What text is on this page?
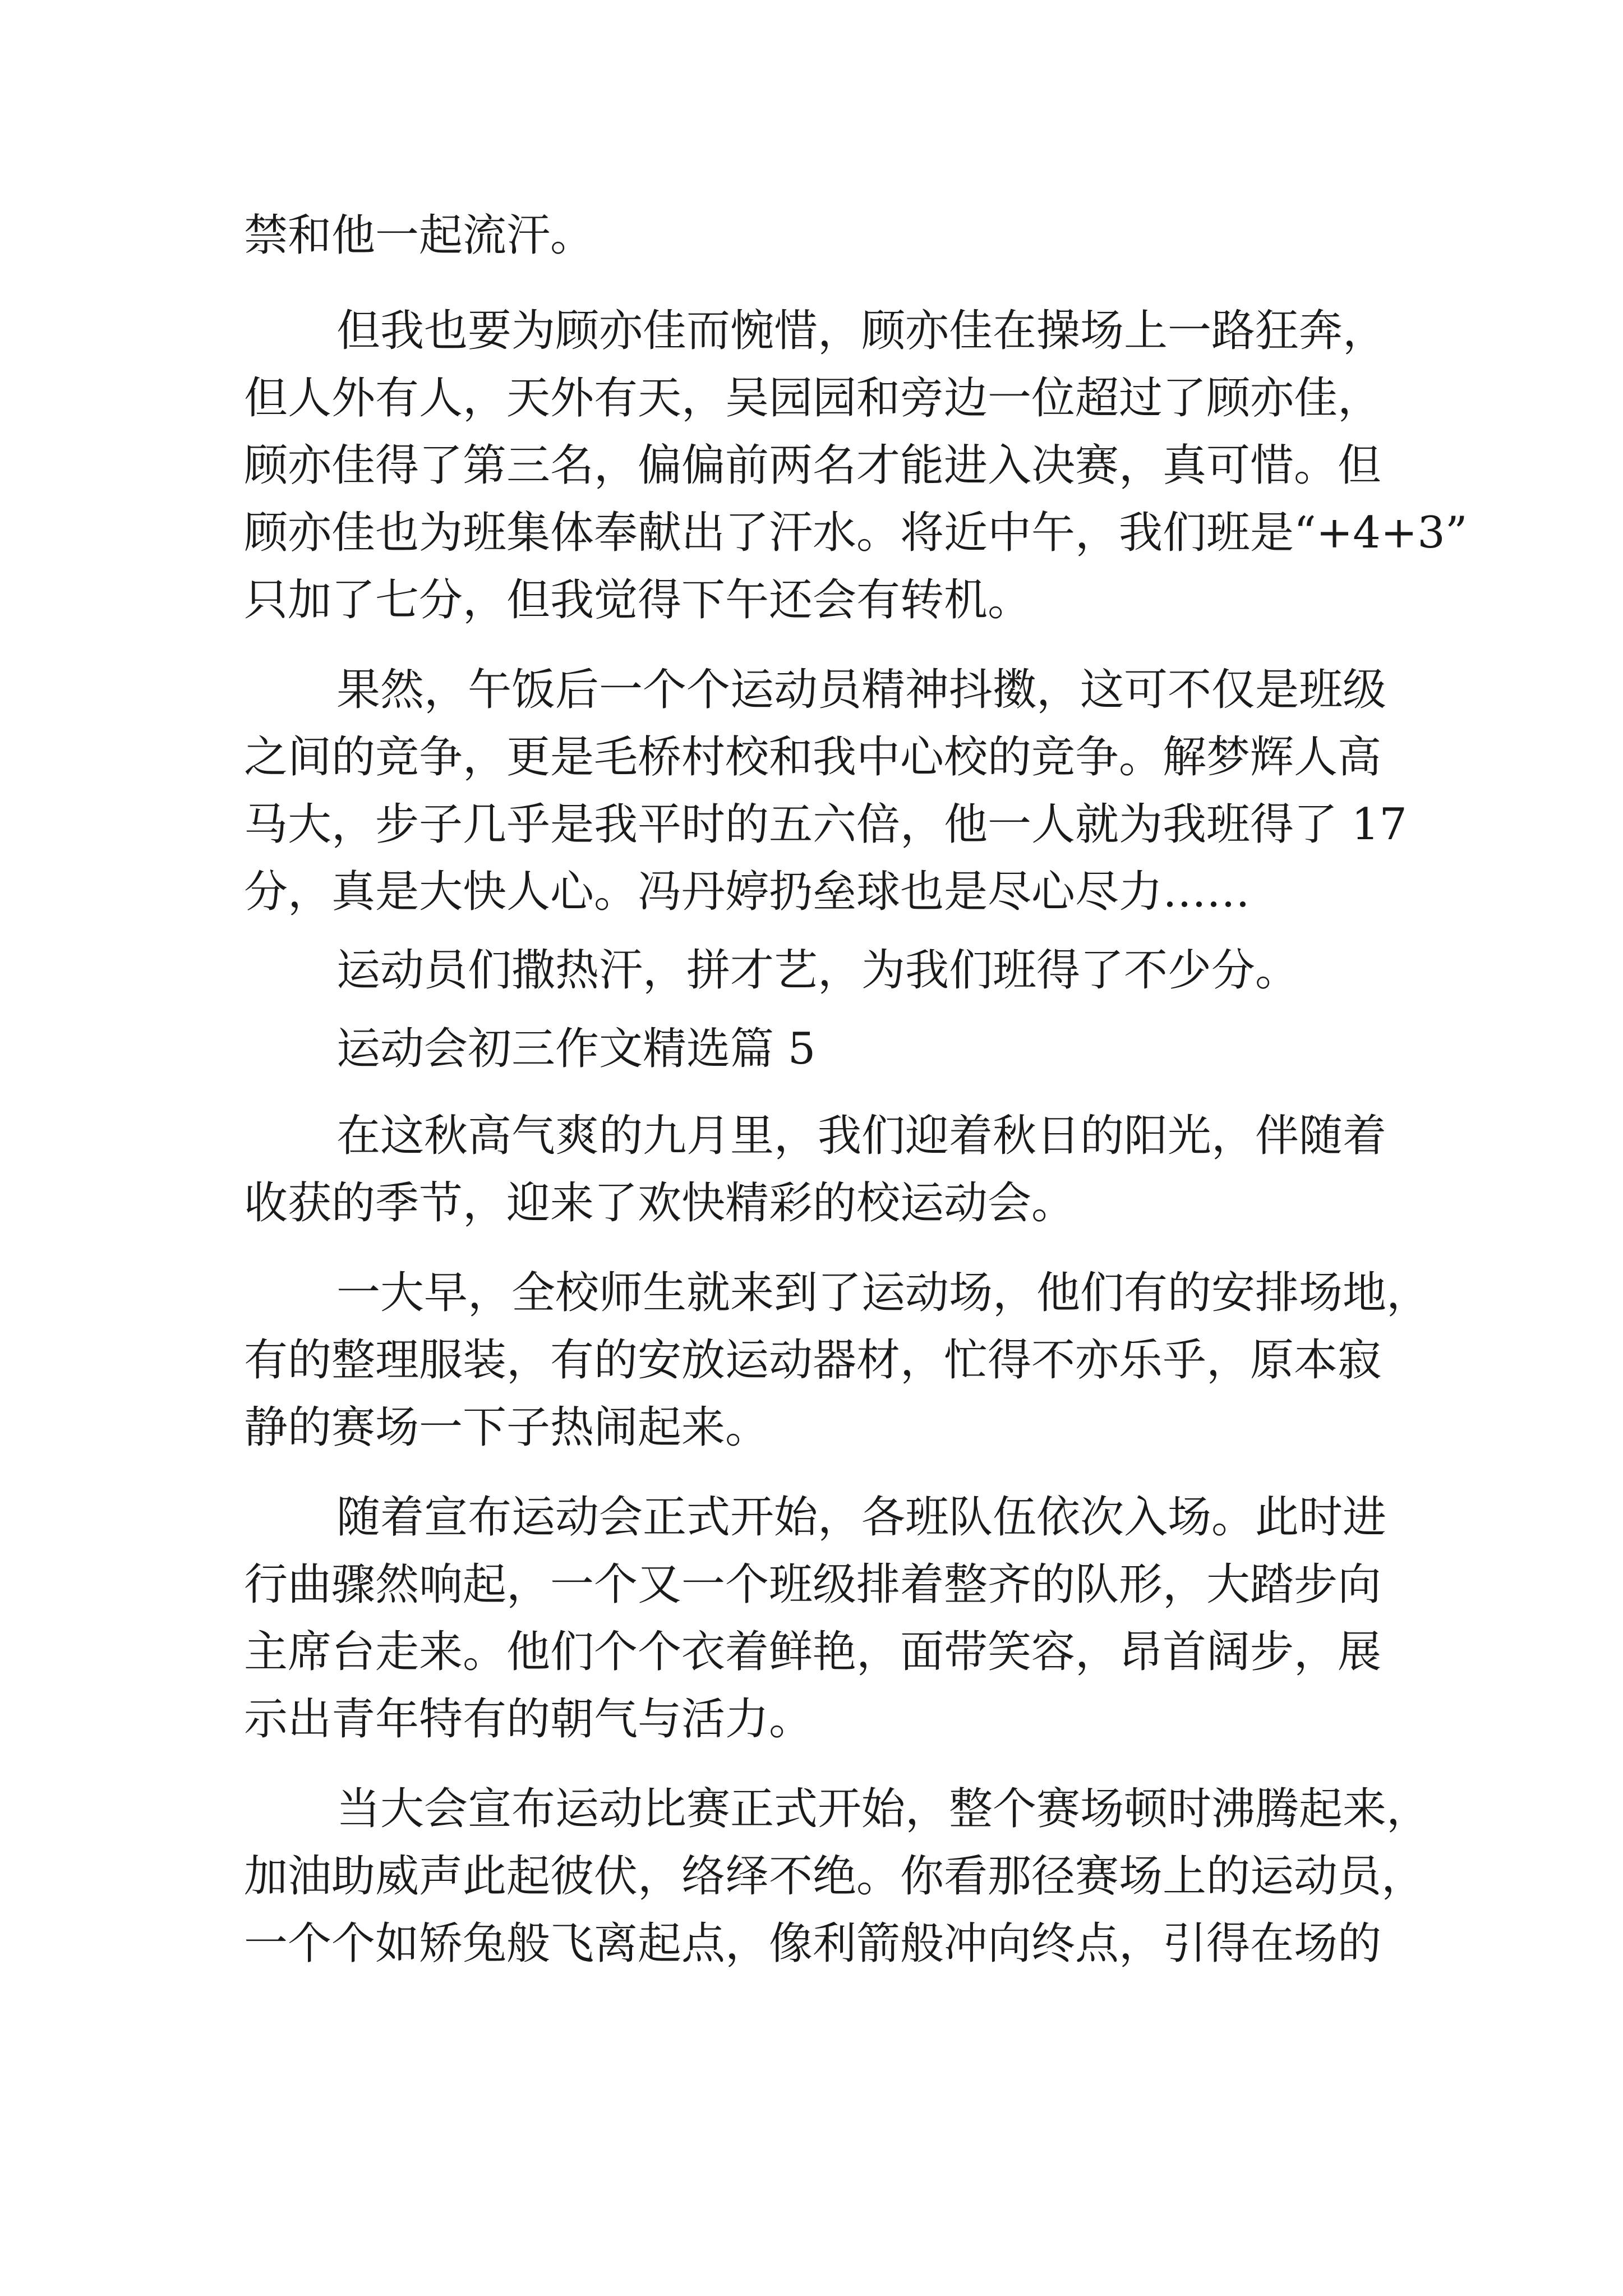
禁和他一起流汗。
但我也要为顾亦佳而惋惜，顾亦佳在操场上一路狂奔，
但人外有人，天外有天，吴园园和旁边一位超过了顾亦佳，
顾亦佳得了第三名，偏偏前两名才能进入决赛，真可惜。但
顾亦佳也为班集体奉献出了汗水。将近中午，我们班是“+4+3”
只加了七分，但我觉得下午还会有转机。
果然，午饭后一个个运动员精神抖擞，这可不仅是班级
之间的竞争，更是毛桥村校和我中心校的竞争。解梦辉人高
马大，步子几乎是我平时的五六倍，他一人就为我班得了 17
分，真是大快人心。冯丹婷扔垒球也是尽心尽力……
运动员们撒热汗，拼才艺，为我们班得了不少分。
运动会初三作文精选篇 5
在这秋高气爽的九月里，我们迎着秋日的阳光，伴随着
收获的季节，迎来了欢快精彩的校运动会。
一大早，全校师生就来到了运动场，他们有的安排场地，
有的整理服装，有的安放运动器材，忙得不亦乐乎，原本寂
静的赛场一下子热闹起来。
随着宣布运动会正式开始，各班队伍依次入场。此时进
行曲骤然响起，一个又一个班级排着整齐的队形，大踏步向
主席台走来。他们个个衣着鲜艳，面带笑容，昂首阔步，展
示出青年特有的朝气与活力。
当大会宣布运动比赛正式开始，整个赛场顿时沸腾起来，
加油助威声此起彼伏，络绎不绝。你看那径赛场上的运动员，
一个个如矫兔般飞离起点，像利箭般冲向终点，引得在场的
